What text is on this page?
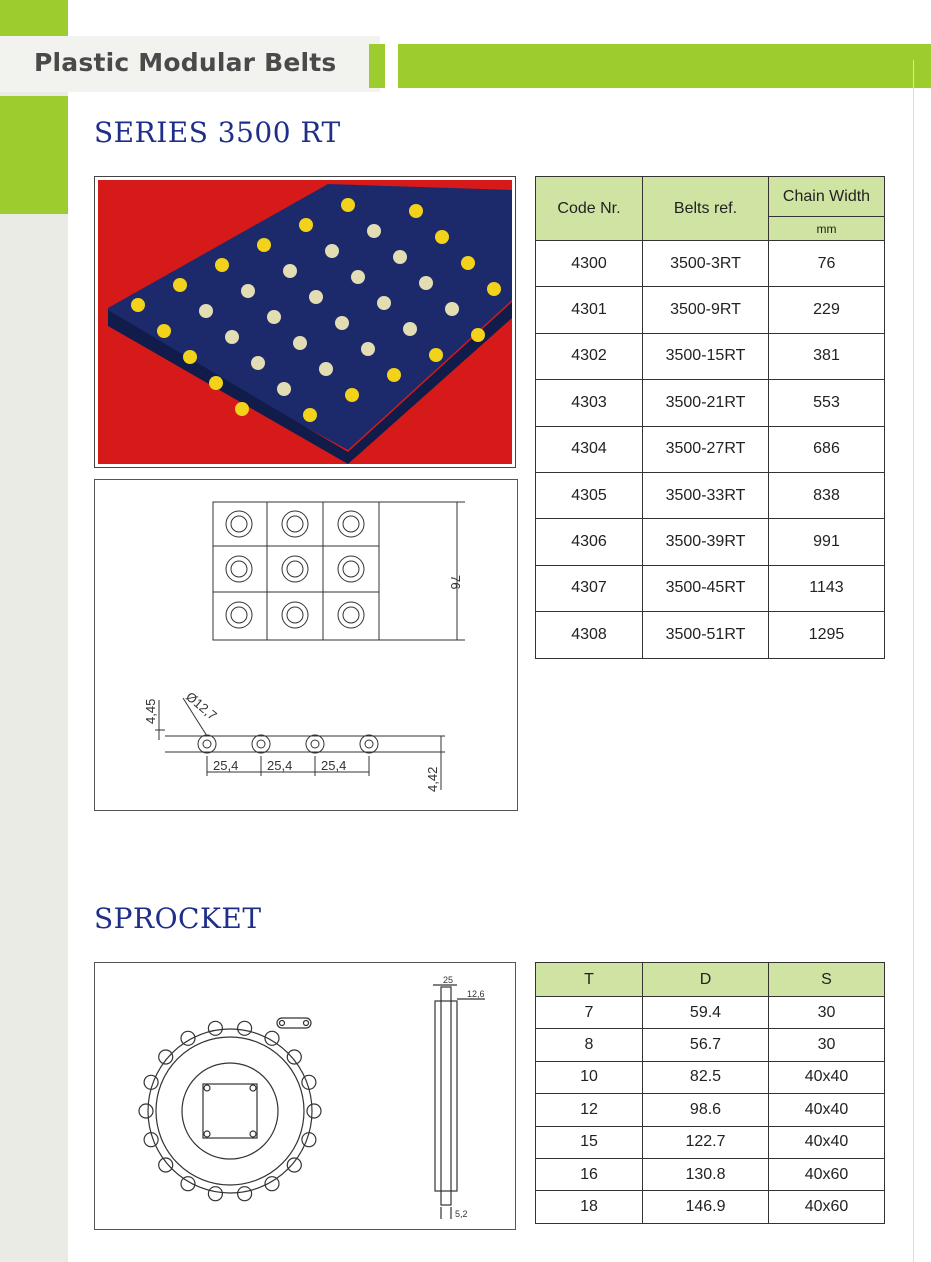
Plastic Modular Belts
SERIES 3500 RT
76
4,45 Ø12,7
25,4 25,4 25,4
4,42
Code Nr.	Belts ref.	Chain Width
		mm
4300	3500-3RT	76
4301	3500-9RT	229
4302	3500-15RT	381
4303	3500-21RT	553
4304	3500-27RT	686
4305	3500-33RT	838
4306	3500-39RT	991
4307	3500-45RT	1143
4308	3500-51RT	1295
SPROCKET
25
12,6
5,2
T	D	S
7	59.4	30
8	56.7	30
10	82.5	40x40
12	98.6	40x40
15	122.7	40x40
16	130.8	40x60
18	146.9	40x60
